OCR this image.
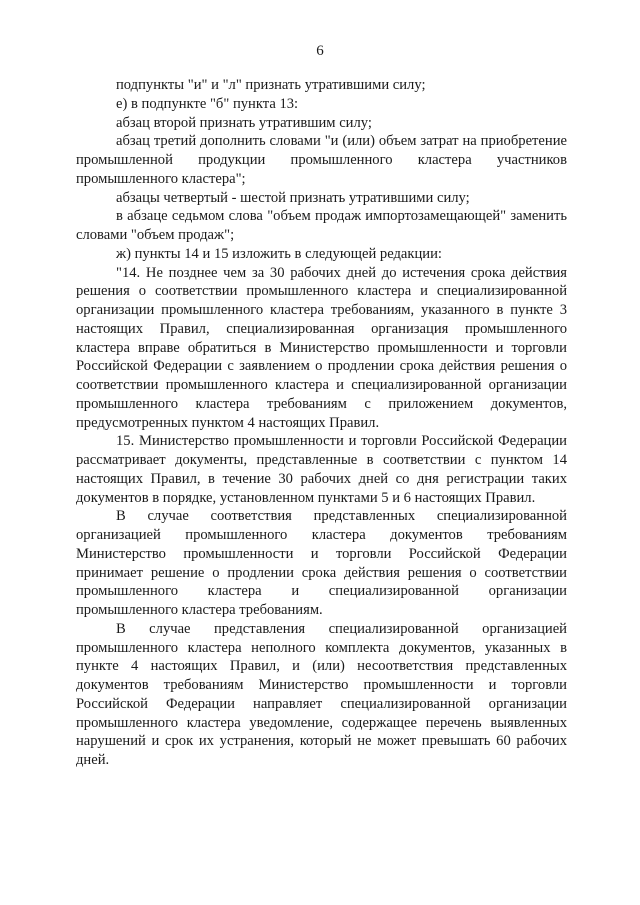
6

подпункты "и" и "л" признать утратившими силу;

е) в подпункте "б" пункта 13:

абзац второй признать утратившим силу;

абзац третий дополнить словами "и (или) объем затрат на приобретение промышленной продукции промышленного кластера участников промышленного кластера";

абзацы четвертый - шестой признать утратившими силу;

в абзаце седьмом слова "объем продаж импортозамещающей" заменить словами "объем продаж";

ж) пункты 14 и 15 изложить в следующей редакции:

"14. Не позднее чем за 30 рабочих дней до истечения срока действия решения о соответствии промышленного кластера и специализированной организации промышленного кластера требованиям, указанного в пункте 3 настоящих Правил, специализированная организация промышленного кластера вправе обратиться в Министерство промышленности и торговли Российской Федерации с заявлением о продлении срока действия решения о соответствии промышленного кластера и специализированной организации промышленного кластера требованиям с приложением документов, предусмотренных пунктом 4 настоящих Правил.

15. Министерство промышленности и торговли Российской Федерации рассматривает документы, представленные в соответствии с пунктом 14 настоящих Правил, в течение 30 рабочих дней со дня регистрации таких документов в порядке, установленном пунктами 5 и 6 настоящих Правил.

В случае соответствия представленных специализированной организацией промышленного кластера документов требованиям Министерство промышленности и торговли Российской Федерации принимает решение о продлении срока действия решения о соответствии промышленного кластера и специализированной организации промышленного кластера требованиям.

В случае представления специализированной организацией промышленного кластера неполного комплекта документов, указанных в пункте 4 настоящих Правил, и (или) несоответствия представленных документов требованиям Министерство промышленности и торговли Российской Федерации направляет специализированной организации промышленного кластера уведомление, содержащее перечень выявленных нарушений и срок их устранения, который не может превышать 60 рабочих дней.
